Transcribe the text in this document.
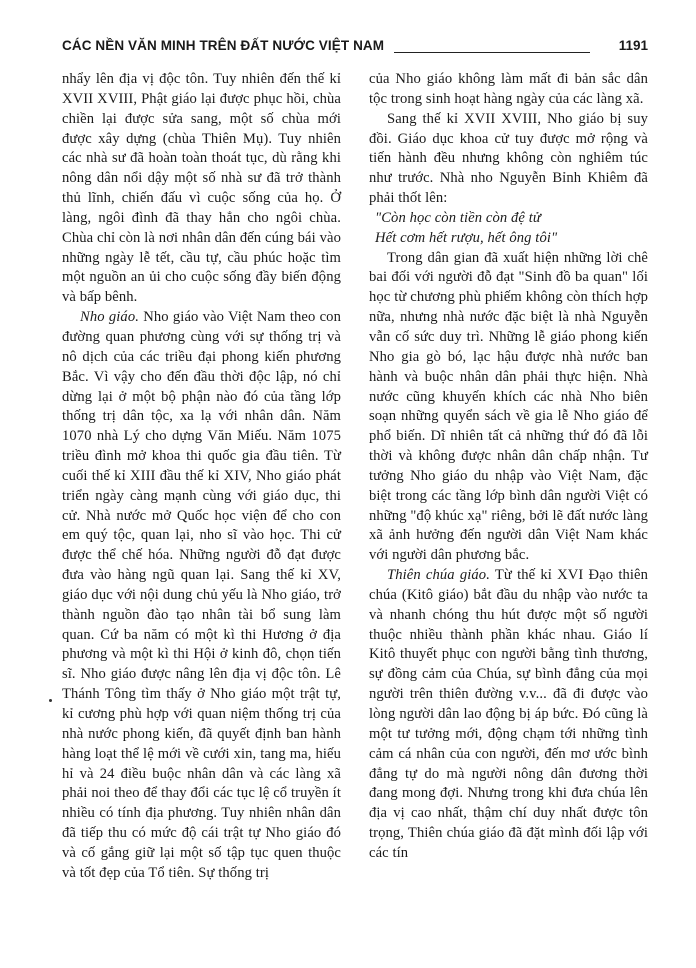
CÁC NỀN VĂN MINH TRÊN ĐẤT NƯỚC VIỆT NAM	1191

nhẩy lên địa vị độc tôn. Tuy nhiên đến thế kỉ XVII XVIII, Phật giáo lại được phục hồi, chùa chiền lại được sửa sang, một số chùa mới được xây dựng (chùa Thiên Mụ). Tuy nhiên các nhà sư đã hoàn toàn thoát tục, dù rằng khi nông dân nổi dậy một số nhà sư đã trở thành thủ lĩnh, chiến đấu vì cuộc sống của họ. Ở làng, ngôi đình đã thay hẳn cho ngôi chùa. Chùa chỉ còn là nơi nhân dân đến cúng bái vào những ngày lễ tết, cầu tự, cầu phúc hoặc tìm một nguồn an ủi cho cuộc sống đầy biến động và bấp bênh.

Nho giáo. Nho giáo vào Việt Nam theo con đường quan phương cùng với sự thống trị và nô dịch của các triều đại phong kiến phương Bắc. Vì vậy cho đến đầu thời độc lập, nó chỉ dừng lại ở một bộ phận nào đó của tầng lớp thống trị dân tộc, xa lạ với nhân dân. Năm 1070 nhà Lý cho dựng Văn Miếu. Năm 1075 triều đình mở khoa thi quốc gia đầu tiên. Từ cuối thế kỉ XIII đầu thế kỉ XIV, Nho giáo phát triển ngày càng mạnh cùng với giáo dục, thi cử. Nhà nước mở Quốc học viện để cho con em quý tộc, quan lại, nho sĩ vào học. Thi cử được thể chế hóa. Những người đỗ đạt được đưa vào hàng ngũ quan lại. Sang thế kỉ XV, giáo dục với nội dung chủ yếu là Nho giáo, trở thành nguồn đào tạo nhân tài bổ sung làm quan. Cứ ba năm có một kì thi Hương ở địa phương và một kì thi Hội ở kinh đô, chọn tiến sĩ. Nho giáo được nâng lên địa vị độc tôn. Lê Thánh Tông tìm thấy ở Nho giáo một trật tự, kỉ cương phù hợp với quan niệm thống trị của nhà nước phong kiến, đã quyết định ban hành hàng loạt thể lệ mới về cưới xin, tang ma, hiếu hỉ và 24 điều buộc nhân dân và các làng xã phải noi theo để thay đổi các tục lệ cổ truyền ít nhiều có tính địa phương. Tuy nhiên nhân dân đã tiếp thu có mức độ cái trật tự Nho giáo đó và cố gắng giữ lại một số tập tục quen thuộc và tốt đẹp của Tổ tiên. Sự thống trị

của Nho giáo không làm mất đi bản sắc dân tộc trong sinh hoạt hàng ngày của các làng xã.

Sang thế kỉ XVII XVIII, Nho giáo bị suy đồi. Giáo dục khoa cử tuy được mở rộng và tiến hành đều nhưng không còn nghiêm túc như trước. Nhà nho Nguyễn Bỉnh Khiêm đã phải thốt lên:

"Còn học còn tiền còn đệ tử

Hết cơm hết rượu, hết ông tôi"

Trong dân gian đã xuất hiện những lời chê bai đối với người đỗ đạt "Sinh đồ ba quan" lối học từ chương phù phiếm không còn thích hợp nữa, nhưng nhà nước đặc biệt là nhà Nguyễn vẫn cố sức duy trì. Những lễ giáo phong kiến Nho gia gò bó, lạc hậu được nhà nước ban hành và buộc nhân dân phải thực hiện. Nhà nước cũng khuyến khích các nhà Nho biên soạn những quyển sách về gia lễ Nho giáo để phổ biến. Dĩ nhiên tất cả những thứ đó đã lỗi thời và không được nhân dân chấp nhận. Tư tưởng Nho giáo du nhập vào Việt Nam, đặc biệt trong các tầng lớp bình dân người Việt có những "độ khúc xạ" riêng, bởi lẽ đất nước làng xã ảnh hưởng đến người dân Việt Nam khác với người dân phương bắc.

Thiên chúa giáo. Từ thế kỉ XVI Đạo thiên chúa (Kitô giáo) bắt đầu du nhập vào nước ta và nhanh chóng thu hút được một số người thuộc nhiều thành phần khác nhau. Giáo lí Kitô thuyết phục con người bằng tình thương, sự đồng cảm của Chúa, sự bình đẳng của mọi người trên thiên đường v.v... đã đi được vào lòng người dân lao động bị áp bức. Đó cũng là một tư tưởng mới, động chạm tới những tình cảm cá nhân của con người, đến mơ ước bình đẳng tự do mà người nông dân đương thời đang mong đợi. Nhưng trong khi đưa chúa lên địa vị cao nhất, thậm chí duy nhất được tôn trọng, Thiên chúa giáo đã đặt mình đối lập với các tín
